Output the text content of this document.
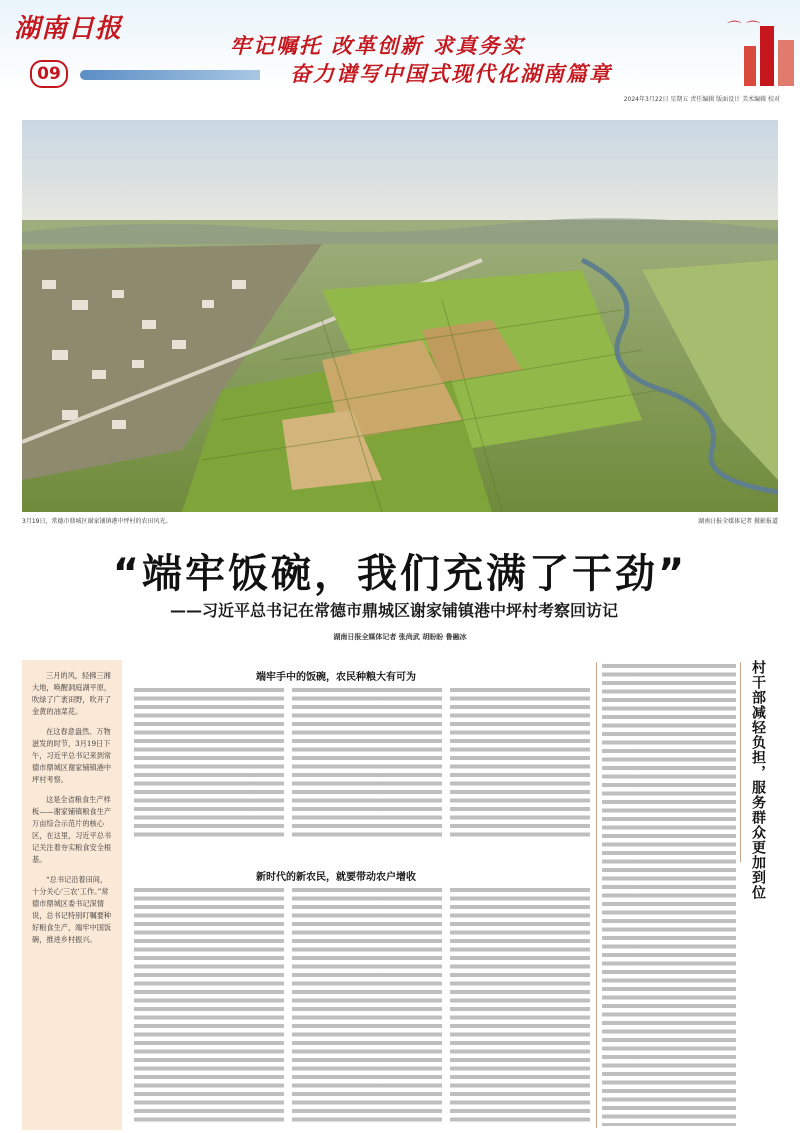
湖南日报
09
牢记嘱托 改革创新 求真务实
奋力谱写中国式现代化湖南篇章
⌒ ⌒
2024年3月22日 星期五 责任编辑 版面设计 美术编辑 校对
3月19日，常德市鼎城区谢家铺镇港中坪村的农田风光。	湖南日报全媒体记者 摄影报道
“端牢饭碗，我们充满了干劲”
——习近平总书记在常德市鼎城区谢家铺镇港中坪村考察回访记
湖南日报全媒体记者 张尚武 胡盼盼 鲁融冰

三月的风，轻拂三湘大地，唤醒洞庭湖平原，吹绿了广袤田野，吹开了金黄的油菜花。

在这春意盎然、万物滋发的时节，3月19日下午，习近平总书记来到常德市鼎城区谢家铺镇港中坪村考察。

这是全省粮食生产样板——谢家铺镇粮食生产万亩综合示范片的核心区，在这里，习近平总书记关注着夯实粮食安全根基。

“总书记沿着田间，十分关心‘三农’工作。”常德市鼎城区委书记深情说，总书记特别叮嘱要种好粮食生产，端牢中国饭碗，推进乡村振兴。

端牢手中的饭碗，农民种粮大有可为
新时代的新农民，就要带动农户增收	村干部减轻负担，服务群众更加到位
